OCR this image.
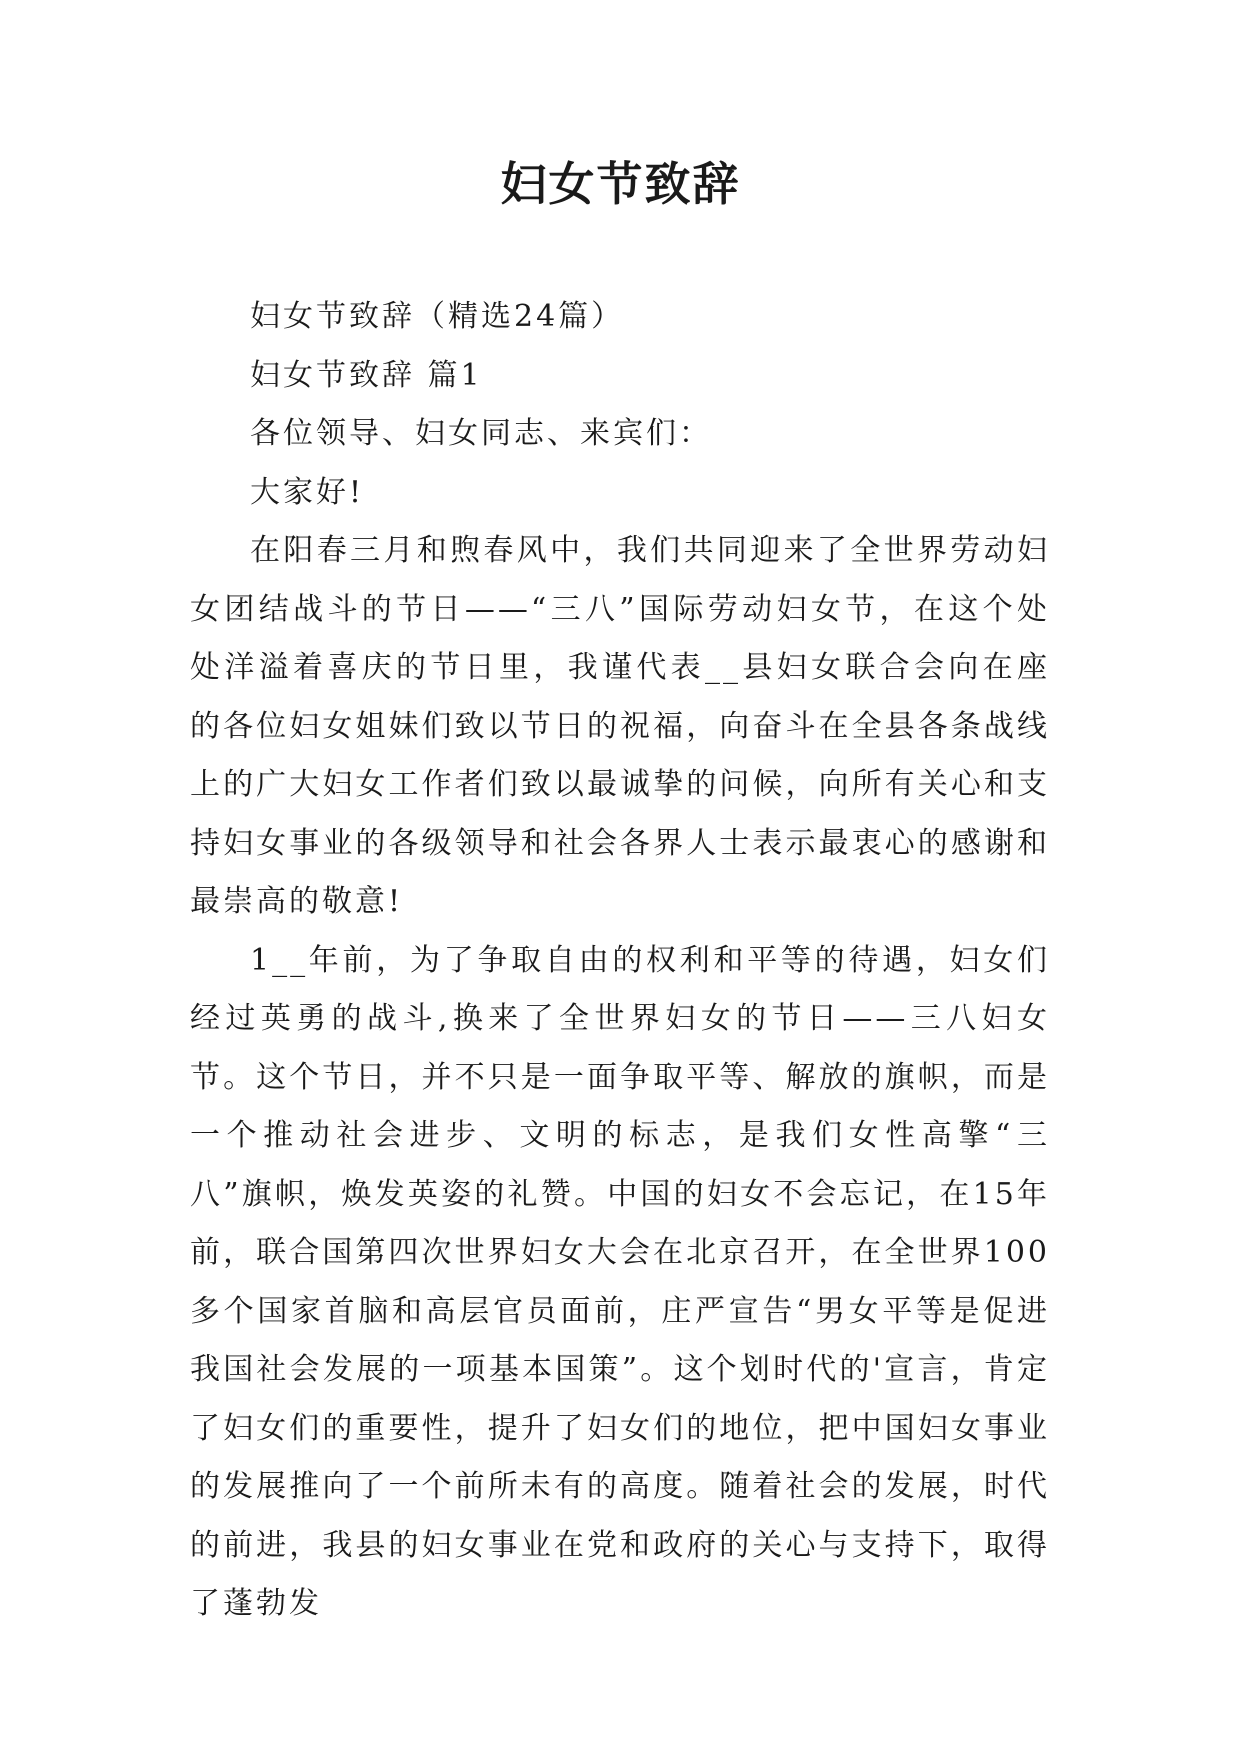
妇女节致辞

妇女节致辞（精选24篇）

妇女节致辞 篇1

各位领导、妇女同志、来宾们：

大家好!

在阳春三月和煦春风中，我们共同迎来了全世界劳动妇女团结战斗的节日——“三八”国际劳动妇女节，在这个处处洋溢着喜庆的节日里，我谨代表__县妇女联合会向在座的各位妇女姐妹们致以节日的祝福，向奋斗在全县各条战线上的广大妇女工作者们致以最诚挚的问候，向所有关心和支持妇女事业的各级领导和社会各界人士表示最衷心的感谢和最崇高的敬意!

1__年前，为了争取自由的权利和平等的待遇，妇女们经过英勇的战斗,换来了全世界妇女的节日——三八妇女节。这个节日，并不只是一面争取平等、解放的旗帜，而是一个推动社会进步、文明的标志，是我们女性高擎“三八”旗帜，焕发英姿的礼赞。中国的妇女不会忘记，在15年前，联合国第四次世界妇女大会在北京召开，在全世界100多个国家首脑和高层官员面前，庄严宣告“男女平等是促进我国社会发展的一项基本国策”。这个划时代的'宣言，肯定了妇女们的重要性，提升了妇女们的地位，把中国妇女事业的发展推向了一个前所未有的高度。随着社会的发展，时代的前进，我县的妇女事业在党和政府的关心与支持下，取得了蓬勃发
